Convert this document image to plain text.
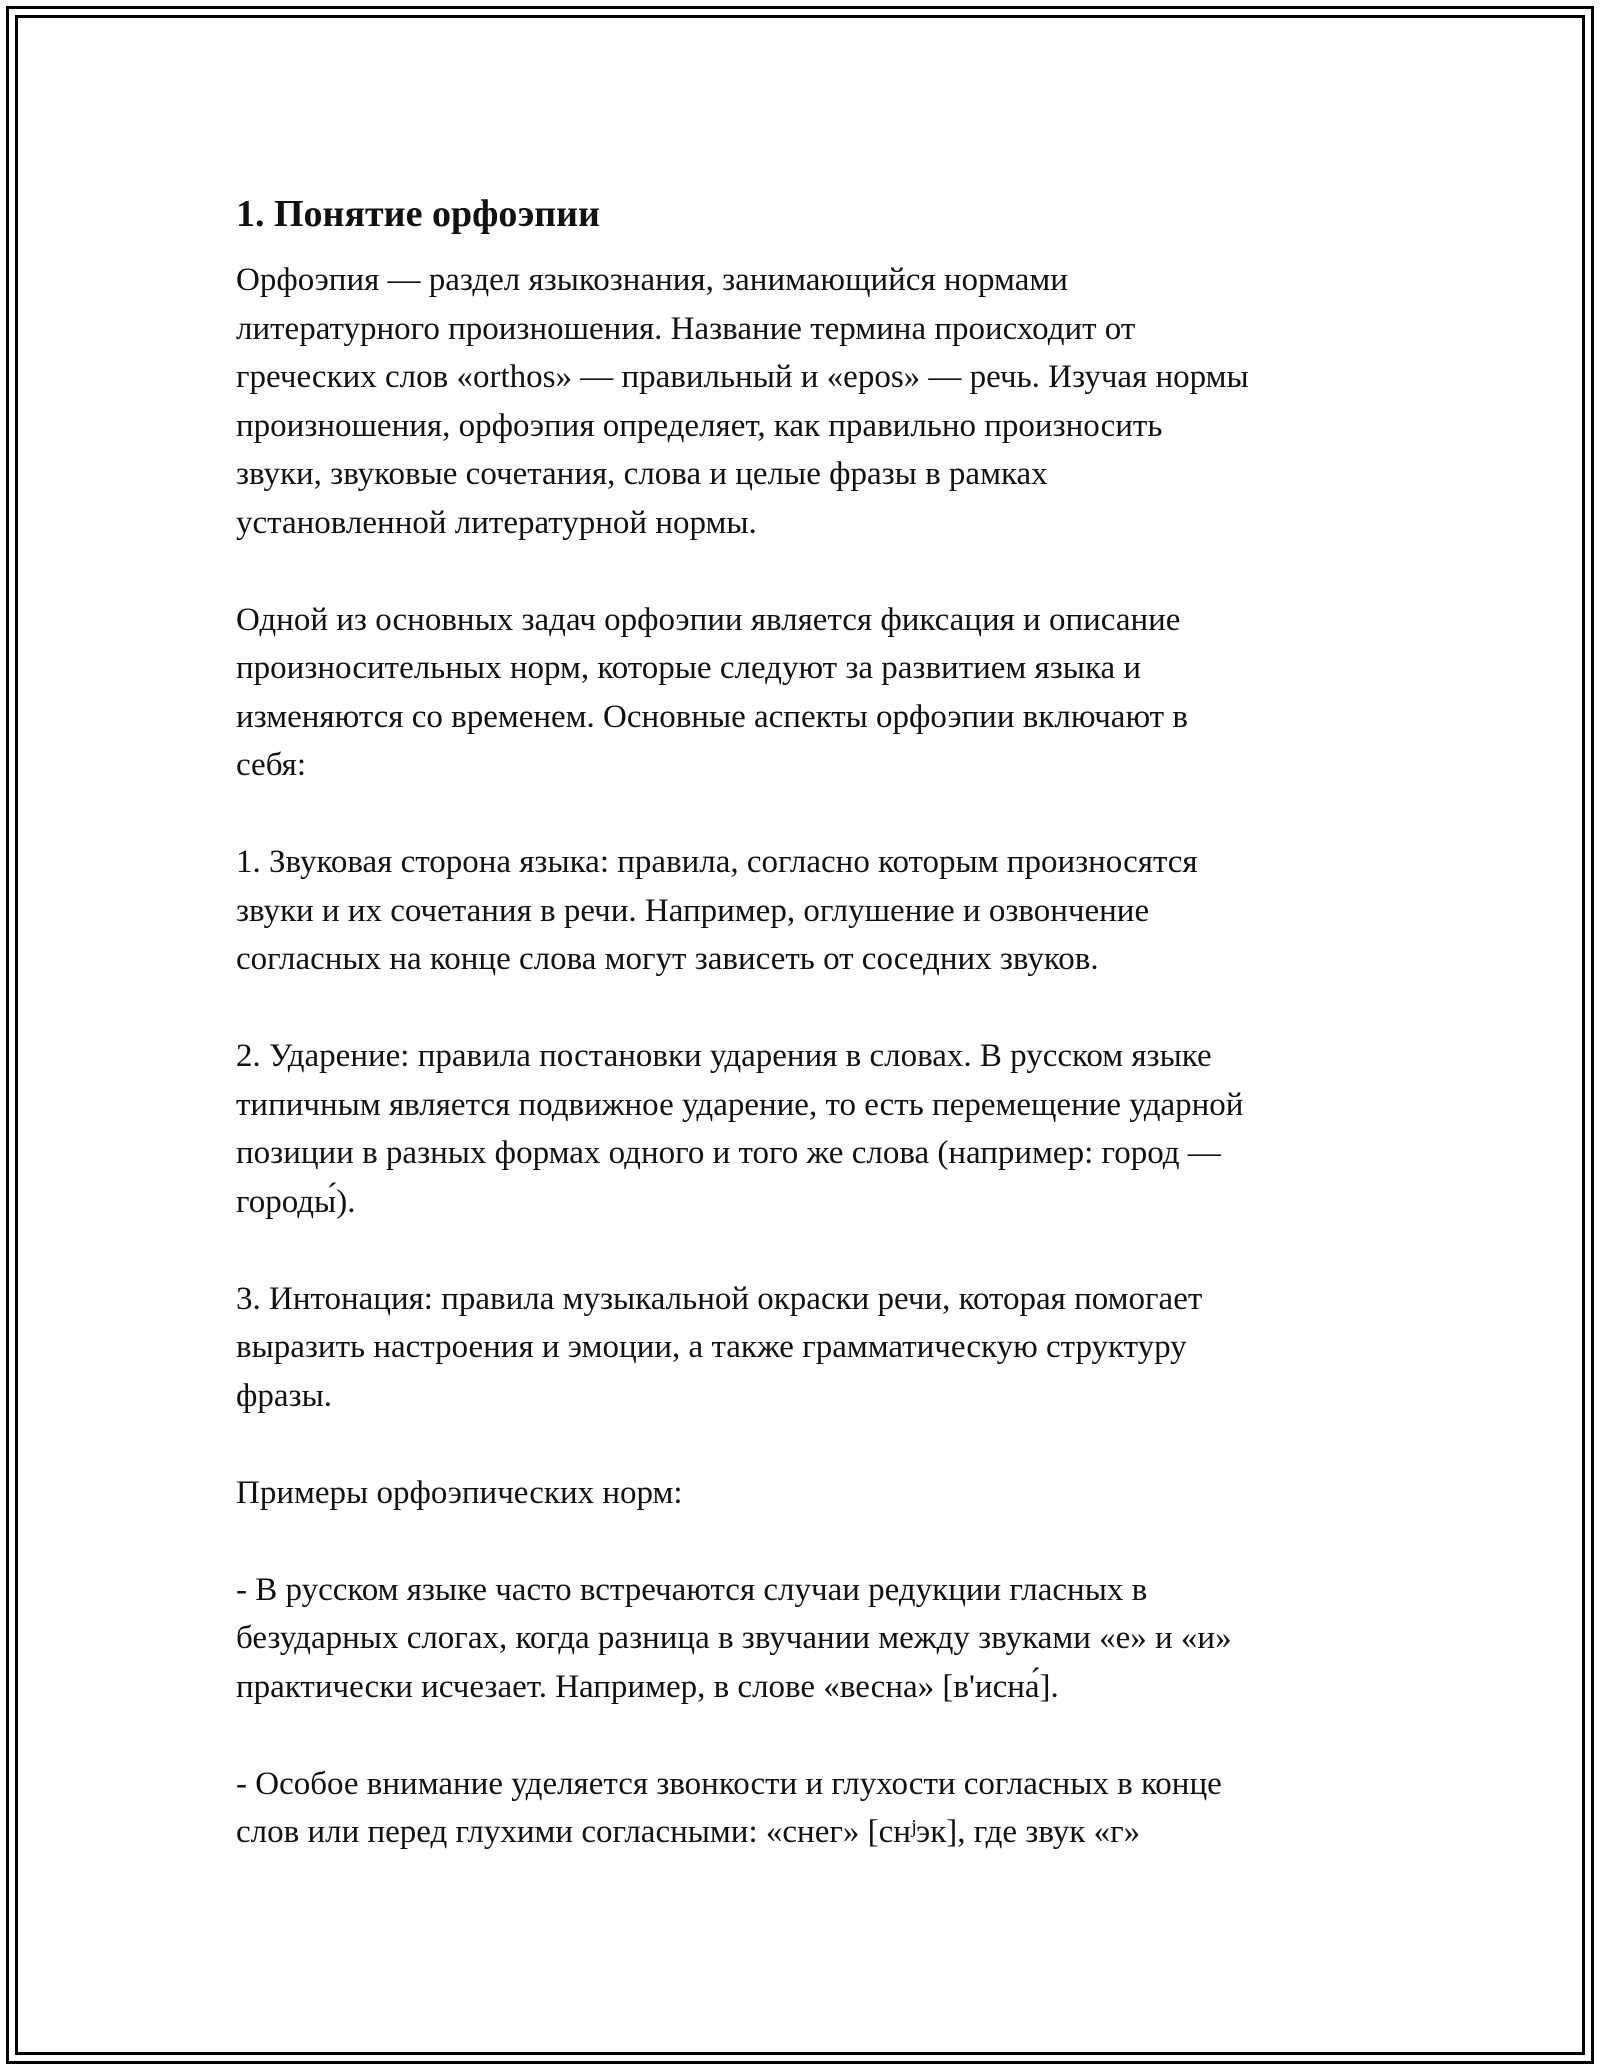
1. Понятие орфоэпии

Орфоэпия — раздел языкознания, занимающийся нормами
литературного произношения. Название термина происходит от
греческих слов «orthos» — правильный и «epos» — речь. Изучая нормы
произношения, орфоэпия определяет, как правильно произносить
звуки, звуковые сочетания, слова и целые фразы в рамках
установленной литературной нормы.

Одной из основных задач орфоэпии является фиксация и описание
произносительных норм, которые следуют за развитием языка и
изменяются со временем. Основные аспекты орфоэпии включают в
себя:

1. Звуковая сторона языка: правила, согласно которым произносятся
звуки и их сочетания в речи. Например, оглушение и озвончение
согласных на конце слова могут зависеть от соседних звуков.

2. Ударение: правила постановки ударения в словах. В русском языке
типичным является подвижное ударение, то есть перемещение ударной
позиции в разных формах одного и того же слова (например: город —
городы́).

3. Интонация: правила музыкальной окраски речи, которая помогает
выразить настроения и эмоции, а также грамматическую структуру
фразы.

Примеры орфоэпических норм:

- В русском языке часто встречаются случаи редукции гласных в
безударных слогах, когда разница в звучании между звуками «е» и «и»
практически исчезает. Например, в слове «весна» [в'исна́].

- Особое внимание уделяется звонкости и глухости согласных в конце
слов или перед глухими согласными: «снег» [снʲэк], где звук «г»
